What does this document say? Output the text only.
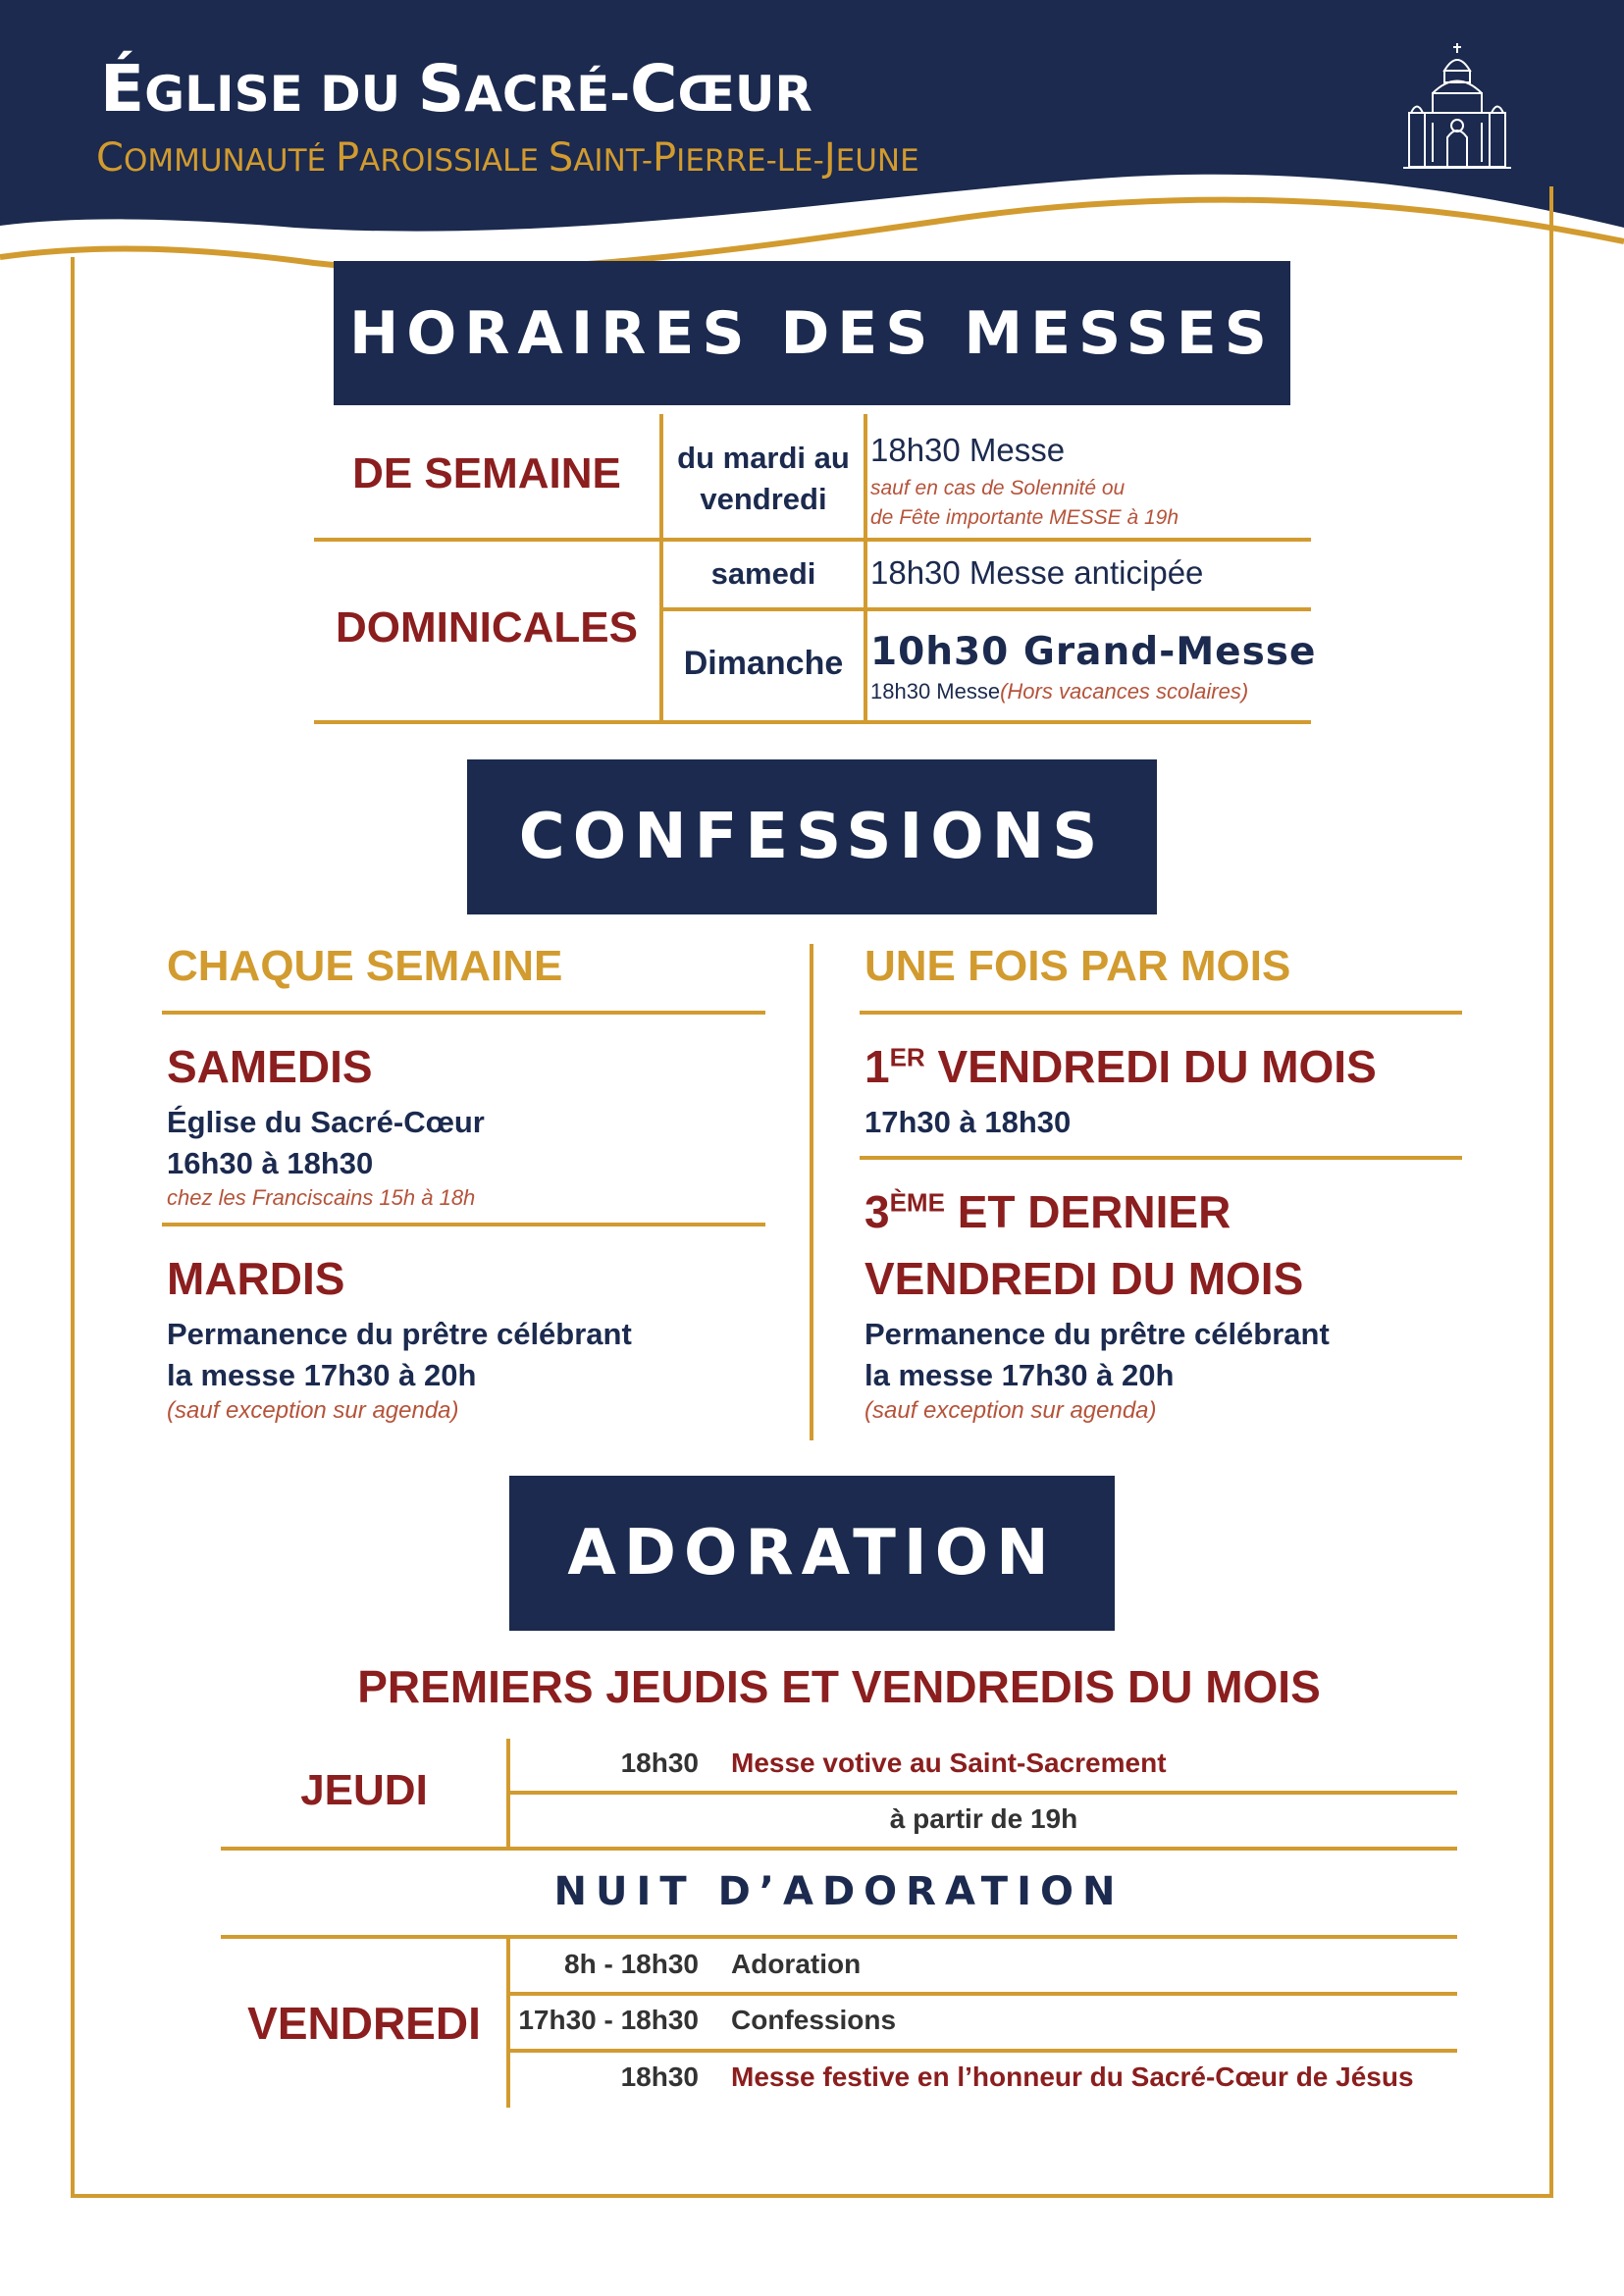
ÉGLISE DU SACRÉ-CŒUR
COMMUNAUTÉ PAROISSIALE SAINT-PIERRE-LE-JEUNE
HORAIRES DES MESSES
DE SEMAINE	du mardi au
vendredi
18h30 Messe
sauf en cas de Solennité ou
de Fête importante MESSE à 19h
DOMINICALES
samedi	18h30 Messe anticipée
Dimanche 10h30 Grand-Messe
18h30 Messe(Hors vacances scolaires)
CONFESSIONS
CHAQUE SEMAINE
SAMEDIS
Église du Sacré-Cœur
16h30 à 18h30
chez les Franciscains 15h à 18h
MARDIS
Permanence du prêtre célébrant
la messe 17h30 à 20h
(sauf exception sur agenda)
UNE FOIS PAR MOIS
1ER VENDREDI DU MOIS
17h30 à 18h30
3ÈME ET DERNIER
VENDREDI DU MOIS
Permanence du prêtre célébrant
la messe 17h30 à 20h
(sauf exception sur agenda)
ADORATION
PREMIERS JEUDIS ET VENDREDIS DU MOIS
JEUDI
18h30 Messe votive au Saint-Sacrement
à partir de 19h
NUIT D’ADORATION
VENDREDI
8h - 18h30 Adoration
17h30 - 18h30 Confessions
18h30 Messe festive en l’honneur du Sacré-Cœur de Jésus
